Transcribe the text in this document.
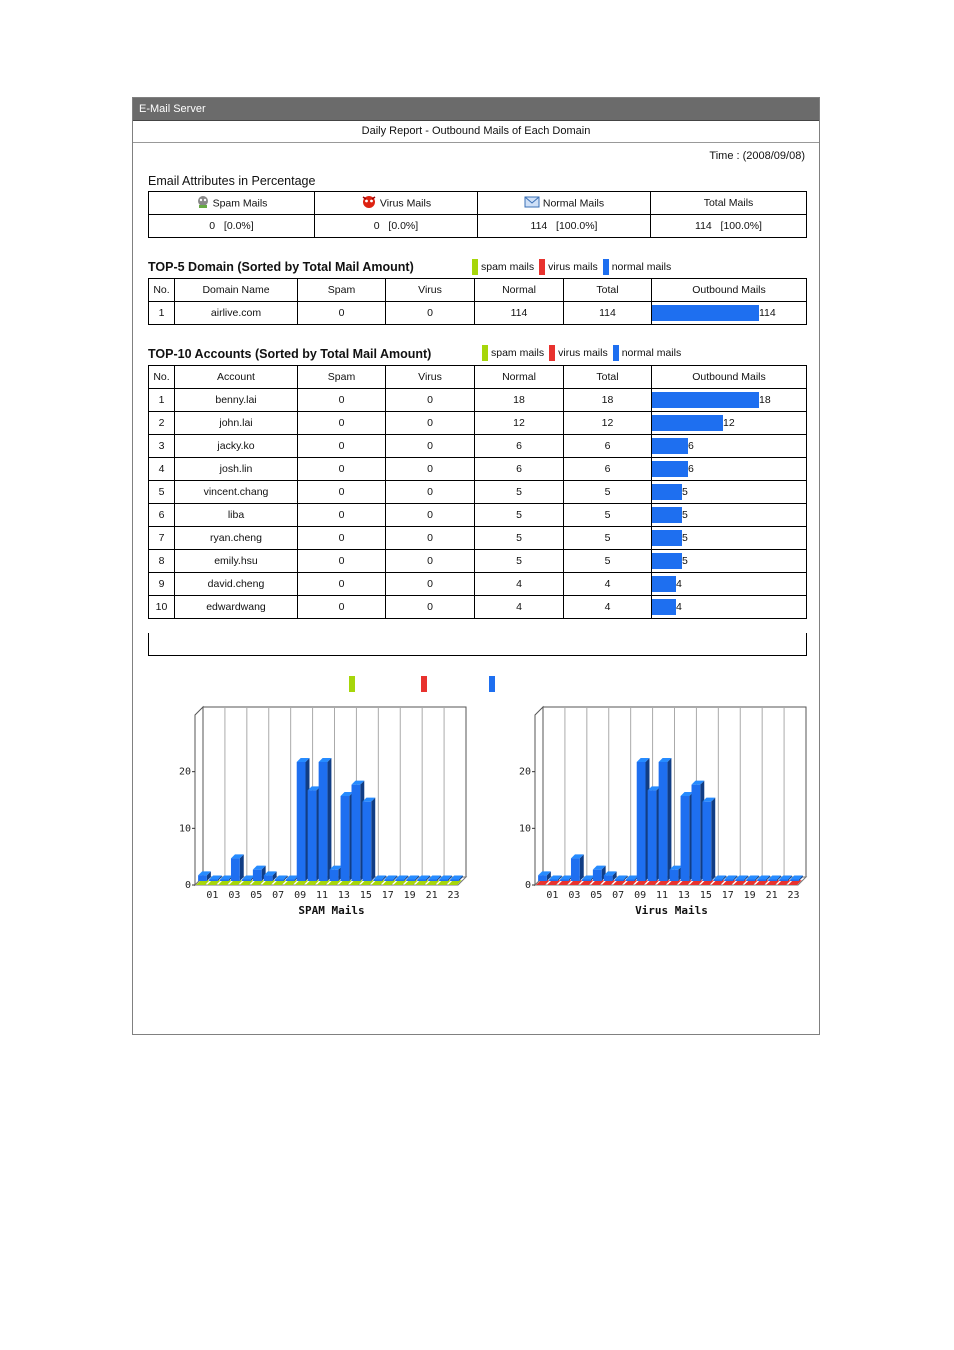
E-Mail Server
Daily Report - Outbound Mails of Each Domain
Time : (2008/09/08)
Email Attributes in Percentage
Spam Mails	Virus Mails	Normal Mails	Total Mails
0 [0.0%]	0 [0.0%]	114 [100.0%]	114 [100.0%]
TOP-5 Domain (Sorted by Total Mail Amount)	spam mails virus mails normal mails
No.	Domain Name	Spam	Virus	Normal	Total	Outbound Mails
1	airlive.com	0	0	114	114	114
TOP-10 Accounts (Sorted by Total Mail Amount)	spam mails virus mails normal mails
No.	Account	Spam	Virus	Normal	Total	Outbound Mails
1	benny.lai	0	0	18	18	18
2	john.lai	0	0	12	12	12
3	jacky.ko	0	0	6	6	6
4	josh.lin	0	0	6	6	6
5	vincent.chang	0	0	5	5	5
6	liba	0	0	5	5	5
7	ryan.cheng	0	0	5	5	5
8	emily.hsu	0	0	5	5	5
9	david.cheng	0	0	4	4	4
10	edwardwang	0	0	4	4	4
0
10
20
01 03 05 07 09 11 13 15 17 19 21 23
SPAM Mails
0
10
20
01 03 05 07 09 11 13 15 17 19 21 23
Virus Mails
